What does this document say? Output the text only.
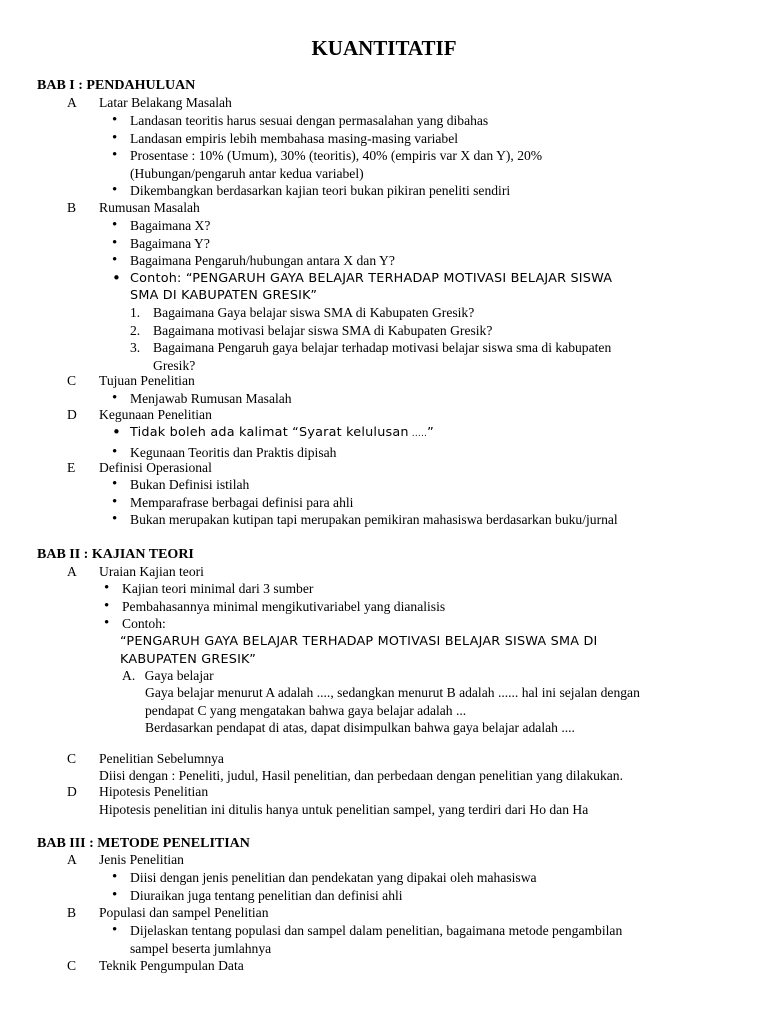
KUANTITATIF
BAB I : PENDAHULUAN
A Latar Belakang Masalah
• Landasan teoritis harus sesuai dengan permasalahan yang dibahas
• Landasan empiris lebih membahasa masing-masing variabel
• Prosentase : 10% (Umum), 30% (teoritis), 40% (empiris var X dan Y), 20%
(Hubungan/pengaruh antar kedua variabel)
• Dikembangkan berdasarkan kajian teori bukan pikiran peneliti sendiri
B Rumusan Masalah
• Bagaimana X?
• Bagaimana Y?
• Bagaimana Pengaruh/hubungan antara X dan Y?
• Contoh: “PENGARUH GAYA BELAJAR TERHADAP MOTIVASI BELAJAR SISWA
SMA DI KABUPATEN GRESIK”
1. Bagaimana Gaya belajar siswa SMA di Kabupaten Gresik?
2. Bagaimana motivasi belajar siswa SMA di Kabupaten Gresik?
3. Bagaimana Pengaruh gaya belajar terhadap motivasi belajar siswa sma di kabupaten
Gresik?
C Tujuan Penelitian
• Menjawab Rumusan Masalah
D Kegunaan Penelitian
• Tidak boleh ada kalimat “Syarat kelulusan .....”
• Kegunaan Teoritis dan Praktis dipisah
E Definisi Operasional
• Bukan Definisi istilah
• Memparafrase berbagai definisi para ahli
• Bukan merupakan kutipan tapi merupakan pemikiran mahasiswa berdasarkan buku/jurnal
BAB II : KAJIAN TEORI
A Uraian Kajian teori
• Kajian teori minimal dari 3 sumber
• Pembahasannya minimal mengikutivariabel yang dianalisis
• Contoh:
“PENGARUH GAYA BELAJAR TERHADAP MOTIVASI BELAJAR SISWA SMA DI
KABUPATEN GRESIK”
A. Gaya belajar
Gaya belajar menurut A adalah ...., sedangkan menurut B adalah ...... hal ini sejalan dengan
pendapat C yang mengatakan bahwa gaya belajar adalah ...
Berdasarkan pendapat di atas, dapat disimpulkan bahwa gaya belajar adalah ....
C Penelitian Sebelumnya
Diisi dengan : Peneliti, judul, Hasil penelitian, dan perbedaan dengan penelitian yang dilakukan.
D Hipotesis Penelitian
Hipotesis penelitian ini ditulis hanya untuk penelitian sampel, yang terdiri dari Ho dan Ha
BAB III : METODE PENELITIAN
A Jenis Penelitian
• Diisi dengan jenis penelitian dan pendekatan yang dipakai oleh mahasiswa
• Diuraikan juga tentang penelitian dan definisi ahli
B Populasi dan sampel Penelitian
• Dijelaskan tentang populasi dan sampel dalam penelitian, bagaimana metode pengambilan
sampel beserta jumlahnya
C Teknik Pengumpulan Data
